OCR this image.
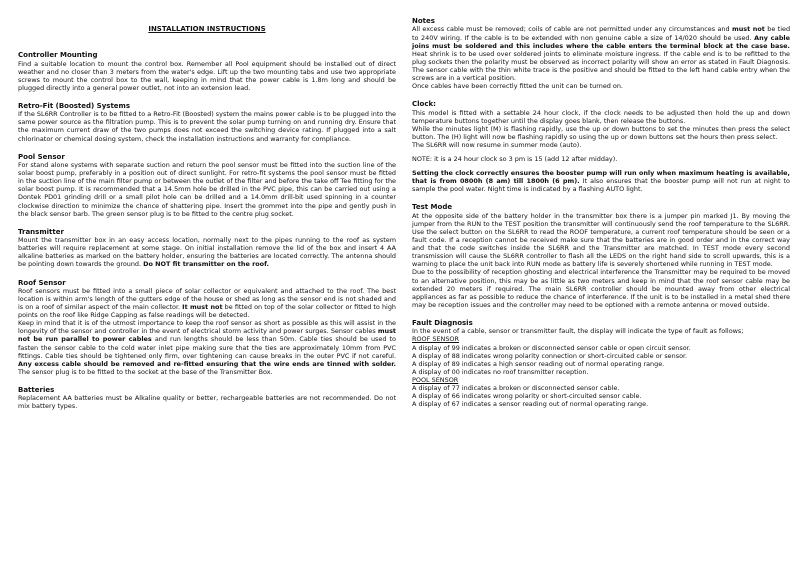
INSTALLATION INSTRUCTIONS
Controller Mounting

Find a suitable location to mount the control box. Remember all Pool equipment should be installed out of direct weather and no closer than 3 meters from the water's edge. Lift up the two mounting tabs and use two appropriate screws to mount the control box to the wall, keeping in mind that the power cable is 1.8m long and should be plugged directly into a general power outlet, not into an extension lead.

Retro-Fit (Boosted) Systems

If the SL6RR Controller is to be fitted to a Retro-Fit (Boosted) system the mains power cable is to be plugged into the same power source as the filtration pump. This is to prevent the solar pump turning on and running dry. Ensure that the maximum current draw of the two pumps does not exceed the switching device rating. If plugged into a salt chlorinator or chemical dosing system, check the installation instructions and warranty for compliance.

Pool Sensor

For stand alone systems with separate suction and return the pool sensor must be fitted into the suction line of the solar boost pump, preferably in a position out of direct sunlight. For retro-fit systems the pool sensor must be fitted in the suction line of the main filter pump or between the outlet of the filter and before the take off Tee fitting for the solar boost pump. It is recommended that a 14.5mm hole be drilled in the PVC pipe, this can be carried out using a Dontek PD01 grinding drill or a small pilot hole can be drilled and a 14.0mm drill-bit used spinning in a counter clockwise direction to minimize the chance of shattering pipe. Insert the grommet into the pipe and gently push in the black sensor barb. The green sensor plug is to be fitted to the centre plug socket.

Transmitter

Mount the transmitter box in an easy access location, normally next to the pipes running to the roof as system batteries will require replacement at some stage. On initial installation remove the lid of the box and insert 4 AA alkaline batteries as marked on the battery holder, ensuring the batteries are located correctly. The antenna should be pointing down towards the ground. Do NOT fit transmitter on the roof.

Roof Sensor

Roof sensors must be fitted into a small piece of solar collector or equivalent and attached to the roof. The best location is within arm's length of the gutters edge of the house or shed as long as the sensor end is not shaded and is on a roof of similar aspect of the main collector. It must not be fitted on top of the solar collector or fitted to high points on the roof like Ridge Capping as false readings will be detected.

Keep in mind that it is of the utmost importance to keep the roof sensor as short as possible as this will assist in the longevity of the sensor and controller in the event of electrical storm activity and power surges. Sensor cables must not be run parallel to power cables and run lengths should be less than 50m. Cable ties should be used to fasten the sensor cable to the cold water inlet pipe making sure that the ties are approximately 10mm from PVC fittings. Cable ties should be tightened only firm, over tightening can cause breaks in the outer PVC if not careful. Any excess cable should be removed and re-fitted ensuring that the wire ends are tinned with solder. The sensor plug is to be fitted to the socket at the base of the Transmitter Box.

Batteries

Replacement AA batteries must be Alkaline quality or better, rechargeable batteries are not recommended. Do not mix battery types.

Notes

All excess cable must be removed; coils of cable are not permitted under any circumstances and must not be tied to 240V wiring. If the cable is to be extended with non genuine cable a size of 14/020 should be used. Any cable joins must be soldered and this includes where the cable enters the terminal block at the case base. Heat shrink is to be used over soldered joints to eliminate moisture ingress. If the cable end is to be refitted to the plug sockets then the polarity must be observed as incorrect polarity will show an error as stated in Fault Diagnosis. The sensor cable with the thin white trace is the positive and should be fitted to the left hand cable entry when the screws are in a vertical position.

Once cables have been correctly fitted the unit can be turned on.

Clock:

This model is fitted with a settable 24 hour clock, if the clock needs to be adjusted then hold the up and down temperature buttons together until the display goes blank, then release the buttons.

While the minutes light (M) is flashing rapidly, use the up or down buttons to set the minutes then press the select button. The (H) light will now be flashing rapidly so using the up or down buttons set the hours then press select.

The SL6RR will now resume in summer mode (auto).

NOTE: it is a 24 hour clock so 3 pm is 15 (add 12 after midday).

Setting the clock correctly ensures the booster pump will run only when maximum heating is available, that is from 0800h (8 am) till 1800h (6 pm). It also ensures that the booster pump will not run at night to sample the pool water. Night time is indicated by a flashing AUTO light.

Test Mode

At the opposite side of the battery holder in the transmitter box there is a jumper pin marked J1. By moving the jumper from the RUN to the TEST position the transmitter will continuously send the roof temperature to the SL6RR. Use the select button on the SL6RR to read the ROOF temperature, a current roof temperature should be seen or a fault code. If a reception cannot be received make sure that the batteries are in good order and in the correct way and that the code switches inside the SL6RR and the Transmitter are matched. In TEST mode every second transmission will cause the SL6RR controller to flash all the LEDS on the right hand side to scroll upwards, this is a warning to place the unit back into RUN mode as battery life is severely shortened while running in TEST mode.

Due to the possibility of reception ghosting and electrical interference the Transmitter may be required to be moved to an alternative position, this may be as little as two meters and keep in mind that the roof sensor cable may be extended 20 meters if required. The main SL6RR controller should be mounted away from other electrical appliances as far as possible to reduce the chance of interference. If the unit is to be installed in a metal shed there may be reception issues and the controller may need to be optioned with a remote antenna or moved outside.

Fault Diagnosis

In the event of a cable, sensor or transmitter fault, the display will indicate the type of fault as follows;

ROOF SENSOR

A display of 99 indicates a broken or disconnected sensor cable or open circuit sensor.

A display of 88 indicates wrong polarity connection or short-circuited cable or sensor.

A display of 89 indicates a high sensor reading out of normal operating range.

A display of 00 indicates no roof transmitter reception.

POOL SENSOR

A display of 77 indicates a broken or disconnected sensor cable.

A display of 66 indicates wrong polarity or short-circuited sensor cable.

A display of 67 indicates a sensor reading out of normal operating range.
